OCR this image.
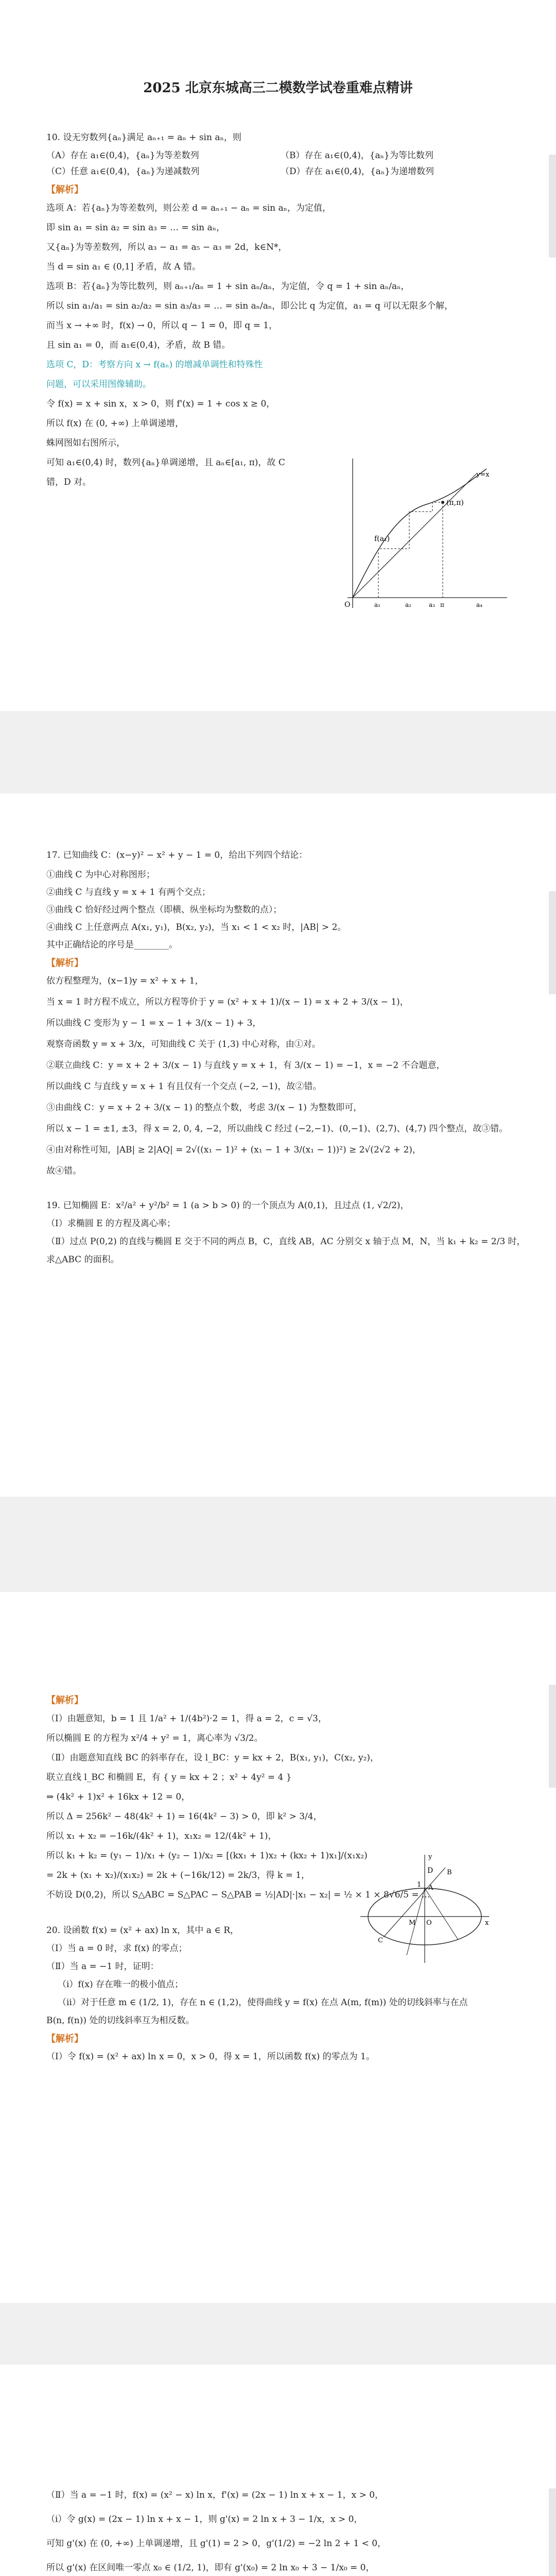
2025 北京东城高三二模数学试卷重难点精讲

10. 设无穷数列{aₙ}满足 aₙ₊₁ = aₙ + sin aₙ，则

（A）存在 a₁∈(0,4)，{aₙ}为等差数列	（B）存在 a₁∈(0,4)，{aₙ}为等比数列

（C）任意 a₁∈(0,4)，{aₙ}为递减数列	（D）存在 a₁∈(0,4)，{aₙ}为递增数列

【解析】

选项 A：若{aₙ}为等差数列，则公差 d = aₙ₊₁ − aₙ = sin aₙ，为定值，

即 sin a₁ = sin a₂ = sin a₃ = … = sin aₙ，

又{aₙ}为等差数列，所以 a₃ − a₁ = a₅ − a₃ = 2d，k∈N*，

当 d = sin a₁ ∈ (0,1] 矛盾，故 A 错。

选项 B：若{aₙ}为等比数列，则 aₙ₊₁/aₙ = 1 + sin aₙ/aₙ，为定值，令 q = 1 + sin aₙ/aₙ，

所以 sin a₁/a₁ = sin a₂/a₂ = sin a₃/a₃ = … = sin aₙ/aₙ，即公比 q 为定值，a₁ = q 可以无限多个解，

而当 x → +∞ 时，f(x) → 0，所以 q − 1 = 0，即 q = 1，

且 sin a₁ = 0，而 a₁∈(0,4)，矛盾，故 B 错。

选项 C，D：考察方向 x → f(aₙ) 的增减单调性和特殊性

问题，可以采用图像辅助。

令 f(x) = x + sin x，x > 0，则 f'(x) = 1 + cos x ≥ 0，

所以 f(x) 在 (0, +∞) 上单调递增，

蛛网图如右图所示，

可知 a₁∈(0,4) 时，数列{aₙ}单调递增，且 aₙ∈[a₁, π)，故 C

错，D 对。

f(a₁)
(π,π)
y=x
O	a₁	a₂	a₃ π	a₄

17. 已知曲线 C：(x−y)² − x² + y − 1 = 0，给出下列四个结论：

①曲线 C 为中心对称图形；

②曲线 C 与直线 y = x + 1 有两个交点；

③曲线 C 恰好经过两个整点（即横、纵坐标均为整数的点）；

④曲线 C 上任意两点 A(x₁, y₁)，B(x₂, y₂)，当 x₁ < 1 < x₂ 时，|AB| > 2。

其中正确结论的序号是________。

【解析】

依方程整理为，(x−1)y = x² + x + 1，

当 x = 1 时方程不成立，所以方程等价于 y = (x² + x + 1)/(x − 1) = x + 2 + 3/(x − 1)，

所以曲线 C 变形为 y − 1 = x − 1 + 3/(x − 1) + 3，

观察奇函数 y = x + 3/x，可知曲线 C 关于 (1,3) 中心对称，由①对。

②联立曲线 C：y = x + 2 + 3/(x − 1) 与直线 y = x + 1，有 3/(x − 1) = −1，x = −2 不合题意，

所以曲线 C 与直线 y = x + 1 有且仅有一个交点 (−2, −1)，故②错。

③由曲线 C：y = x + 2 + 3/(x − 1) 的整点个数，考虑 3/(x − 1) 为整数即可，

所以 x − 1 = ±1, ±3，得 x = 2, 0, 4, −2，所以曲线 C 经过 (−2,−1)、(0,−1)、(2,7)、(4,7) 四个整点，故③错。

④由对称性可知，|AB| ≥ 2|AQ| = 2√((x₁ − 1)² + (x₁ − 1 + 3/(x₁ − 1))²) ≥ 2√(2√2 + 2)，

故④错。

19. 已知椭圆 E：x²/a² + y²/b² = 1 (a > b > 0) 的一个顶点为 A(0,1)，且过点 (1, √2/2)，

（Ⅰ）求椭圆 E 的方程及离心率；

（Ⅱ）过点 P(0,2) 的直线与椭圆 E 交于不同的两点 B，C，直线 AB，AC 分别交 x 轴于点 M，N，当 k₁ + k₂ = 2/3 时，

求△ABC 的面积。

【解析】

（Ⅰ）由题意知，b = 1 且 1/a² + 1/(4b²)·2 = 1，得 a = 2，c = √3，

所以椭圆 E 的方程为 x²/4 + y² = 1，离心率为 √3/2。

（Ⅱ）由题意知直线 BC 的斜率存在，设 l_BC：y = kx + 2，B(x₁, y₁)，C(x₂, y₂)，

联立直线 l_BC 和椭圆 E，有 { y = kx + 2 ；x² + 4y² = 4 }

⇒ (4k² + 1)x² + 16kx + 12 = 0，

所以 Δ = 256k² − 48(4k² + 1) = 16(4k² − 3) > 0，即 k² > 3/4，

所以 x₁ + x₂ = −16k/(4k² + 1)，x₁x₂ = 12/(4k² + 1)，

所以 k₁ + k₂ = (y₁ − 1)/x₁ + (y₂ − 1)/x₂ = [(kx₁ + 1)x₂ + (kx₂ + 1)x₁]/(x₁x₂)

= 2k + (x₁ + x₂)/(x₁x₂) = 2k + (−16k/12) = 2k/3，得 k = 1，

不妨设 D(0,2)，所以 S△ABC = S△PAC − S△PAB = ½|AD|·|x₁ − x₂| = ½ × 1 × 8√6/5 = ...

D
1 A
O	x
y
B
C
M

20. 设函数 f(x) = (x² + ax) ln x，其中 a ∈ R，

（Ⅰ）当 a = 0 时，求 f(x) 的零点；

（Ⅱ）当 a = −1 时，证明：

（ⅰ）f(x) 存在唯一的极小值点；

（ⅱ）对于任意 m ∈ (1/2, 1)，存在 n ∈ (1,2)，使得曲线 y = f(x) 在点 A(m, f(m)) 处的切线斜率与在点

B(n, f(n)) 处的切线斜率互为相反数。

【解析】

（Ⅰ）令 f(x) = (x² + ax) ln x = 0，x > 0，得 x = 1，所以函数 f(x) 的零点为 1。

（Ⅱ）当 a = −1 时，f(x) = (x² − x) ln x，f'(x) = (2x − 1) ln x + x − 1，x > 0，

（ⅰ）令 g(x) = (2x − 1) ln x + x − 1，则 g'(x) = 2 ln x + 3 − 1/x，x > 0，

可知 g'(x) 在 (0, +∞) 上单调递增，且 g'(1) = 2 > 0，g'(1/2) = −2 ln 2 + 1 < 0，

所以 g'(x) 在区间唯一零点 x₀ ∈ (1/2, 1)，即有 g'(x₀) = 2 ln x₀ + 3 − 1/x₀ = 0，
